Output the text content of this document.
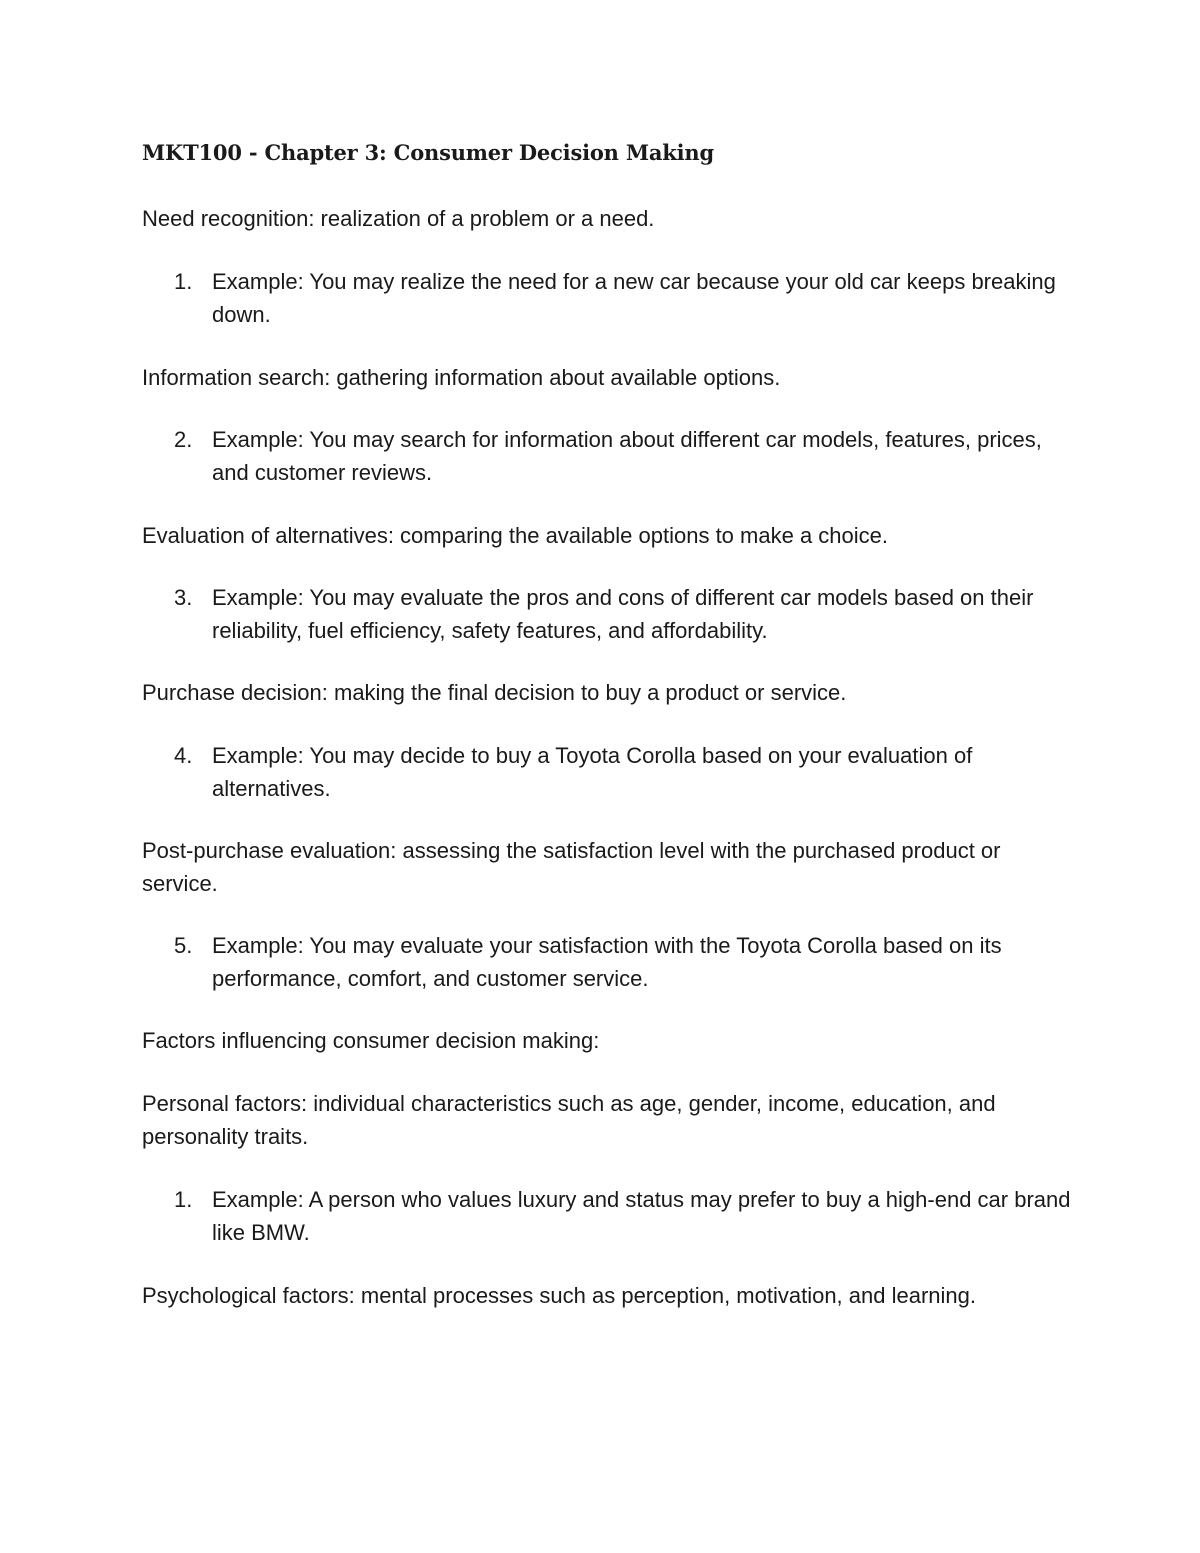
MKT100 - Chapter 3: Consumer Decision Making

Need recognition: realization of a problem or a need.

1. Example: You may realize the need for a new car because your old car keeps breaking down.

Information search: gathering information about available options.

2. Example: You may search for information about different car models, features, prices, and customer reviews.

Evaluation of alternatives: comparing the available options to make a choice.

3. Example: You may evaluate the pros and cons of different car models based on their reliability, fuel efficiency, safety features, and affordability.

Purchase decision: making the final decision to buy a product or service.

4. Example: You may decide to buy a Toyota Corolla based on your evaluation of alternatives.

Post-purchase evaluation: assessing the satisfaction level with the purchased product or service.

5. Example: You may evaluate your satisfaction with the Toyota Corolla based on its performance, comfort, and customer service.

Factors influencing consumer decision making:

Personal factors: individual characteristics such as age, gender, income, education, and personality traits.

1. Example: A person who values luxury and status may prefer to buy a high-end car brand like BMW.

Psychological factors: mental processes such as perception, motivation, and learning.
